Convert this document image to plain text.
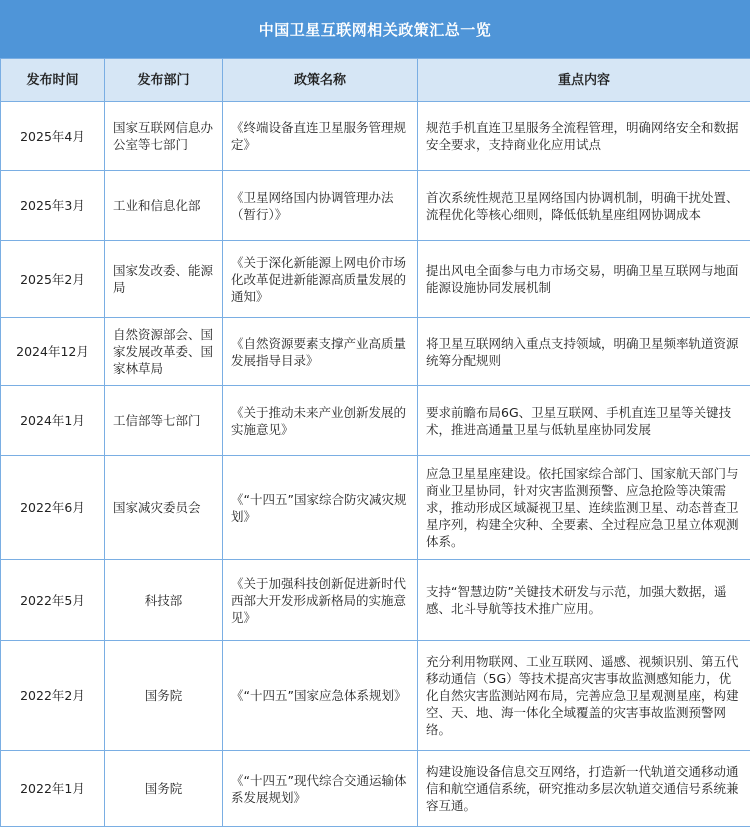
中国卫星互联网相关政策汇总一览
发布时间	发布部门	政策名称	重点内容
2025年4月	国家互联网信息办公室等七部门	《终端设备直连卫星服务管理规定》	规范手机直连卫星服务全流程管理，明确网络安全和数据安全要求，支持商业化应用试点
2025年3月	工业和信息化部	《卫星网络国内协调管理办法（暂行）》	首次系统性规范卫星网络国内协调机制，明确干扰处置、流程优化等核心细则，降低低轨星座组网协调成本
2025年2月	国家发改委、能源局	《关于深化新能源上网电价市场化改革促进新能源高质量发展的通知》	提出风电全面参与电力市场交易，明确卫星互联网与地面能源设施协同发展机制
2024年12月	自然资源部会、国家发展改革委、国家林草局	《自然资源要素支撑产业高质量发展指导目录》	将卫星互联网纳入重点支持领域，明确卫星频率轨道资源统筹分配规则
2024年1月	工信部等七部门	《关于推动未来产业创新发展的实施意见》	要求前瞻布局6G、卫星互联网、手机直连卫星等关键技术，推进高通量卫星与低轨星座协同发展
2022年6月	国家减灾委员会	《“十四五”国家综合防灾减灾规划》	应急卫星星座建设。依托国家综合部门、国家航天部门与商业卫星协同，针对灾害监测预警、应急抢险等决策需求，推动形成区域凝视卫星、连续监测卫星、动态普查卫星序列，构建全灾种、全要素、全过程应急卫星立体观测体系。
2022年5月	科技部	《关于加强科技创新促进新时代西部大开发形成新格局的实施意见》	支持“智慧边防”关键技术研发与示范，加强大数据，遥感、北斗导航等技术推广应用。
2022年2月	国务院	《“十四五”国家应急体系规划》	充分利用物联网、工业互联网、遥感、视频识别、第五代移动通信（5G）等技术提高灾害事故监测感知能力，优化自然灾害监测站网布局，完善应急卫星观测星座，构建空、天、地、海一体化全域覆盖的灾害事故监测预警网络。
2022年1月	国务院	《“十四五”现代综合交通运输体系发展规划》	构建设施设备信息交互网络，打造新一代轨道交通移动通信和航空通信系统，研究推动多层次轨道交通信号系统兼容互通。
